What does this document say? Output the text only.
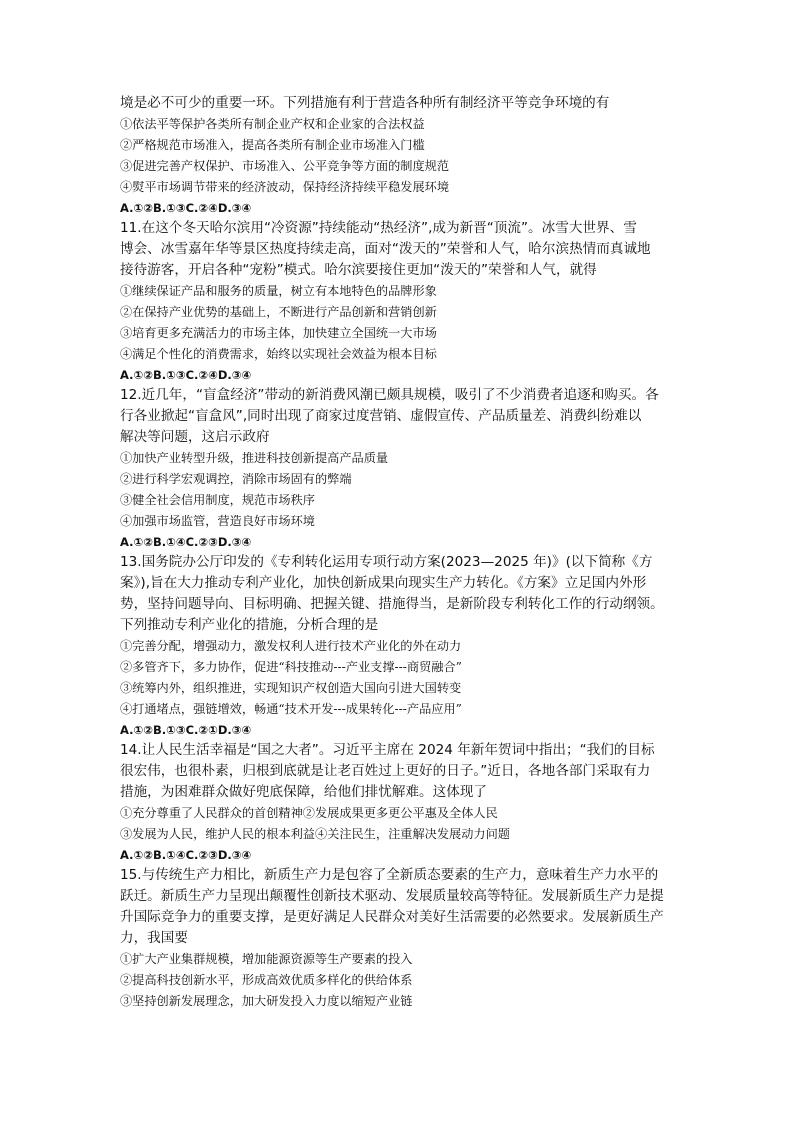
境是必不可少的重要一环。下列措施有利于营造各种所有制经济平等竞争环境的有
①依法平等保护各类所有制企业产权和企业家的合法权益
②严格规范市场准入，提高各类所有制企业市场准入门槛
③促进完善产权保护、市场准入、公平竞争等方面的制度规范
④熨平市场调节带来的经济波动，保持经济持续平稳发展环境
A.①②B.①③C.②④D.③④
11.在这个冬天哈尔滨用“冷资源”持续能动“热经济”,成为新晋“顶流”。冰雪大世界、雪
博会、冰雪嘉年华等景区热度持续走高，面对“泼天的”荣誉和人气，哈尔滨热情而真诚地
接待游客，开启各种“宠粉”模式。哈尔滨要接住更加“泼天的”荣誉和人气，就得
①继续保证产品和服务的质量，树立有本地特色的品牌形象
②在保持产业优势的基础上，不断进行产品创新和营销创新
③培育更多充满活力的市场主体，加快建立全国统一大市场
④满足个性化的消费需求，始终以实现社会效益为根本目标
A.①②B.①③C.②④D.③④
12.近几年，“盲盒经济”带动的新消费风潮已颇具规模，吸引了不少消费者追逐和购买。各
行各业掀起“盲盒风”,同时出现了商家过度营销、虚假宣传、产品质量差、消费纠纷难以
解决等问题，这启示政府
①加快产业转型升级，推进科技创新提高产品质量
②进行科学宏观调控，消除市场固有的弊端
③健全社会信用制度，规范市场秩序
④加强市场监管，营造良好市场环境
A.①②B.①④C.②③D.③④
13.国务院办公厅印发的《专利转化运用专项行动方案(2023—2025 年)》(以下简称《方
案》),旨在大力推动专利产业化，加快创新成果向现实生产力转化。《方案》立足国内外形
势，坚持问题导向、目标明确、把握关键、措施得当，是新阶段专利转化工作的行动纲领。
下列推动专利产业化的措施，分析合理的是
①完善分配，增强动力，激发权利人进行技术产业化的外在动力
②多管齐下，多力协作，促进“科技推动---产业支撑---商贸融合”
③统筹内外，组织推进，实现知识产权创造大国向引进大国转变
④打通堵点，强链增效，畅通“技术开发---成果转化---产品应用”
A.①②B.①③C.②①D.③④
14.让人民生活幸福是“国之大者”。习近平主席在 2024 年新年贺词中指出；“我们的目标
很宏伟，也很朴素，归根到底就是让老百姓过上更好的日子。”近日，各地各部门采取有力
措施，为困难群众做好兜底保障，给他们排忧解难。这体现了
①充分尊重了人民群众的首创精神②发展成果更多更公平惠及全体人民
③发展为人民，维护人民的根本利益④关注民生，注重解决发展动力问题
A.①②B.①④C.②③D.③④
15.与传统生产力相比，新质生产力是包容了全新质态要素的生产力，意味着生产力水平的
跃迁。新质生产力呈现出颠覆性创新技术驱动、发展质量较高等特征。发展新质生产力是提
升国际竞争力的重要支撑，是更好满足人民群众对美好生活需要的必然要求。发展新质生产
力，我国要
①扩大产业集群规模，增加能源资源等生产要素的投入
②提高科技创新水平，形成高效优质多样化的供给体系
③坚持创新发展理念，加大研发投入力度以缩短产业链
